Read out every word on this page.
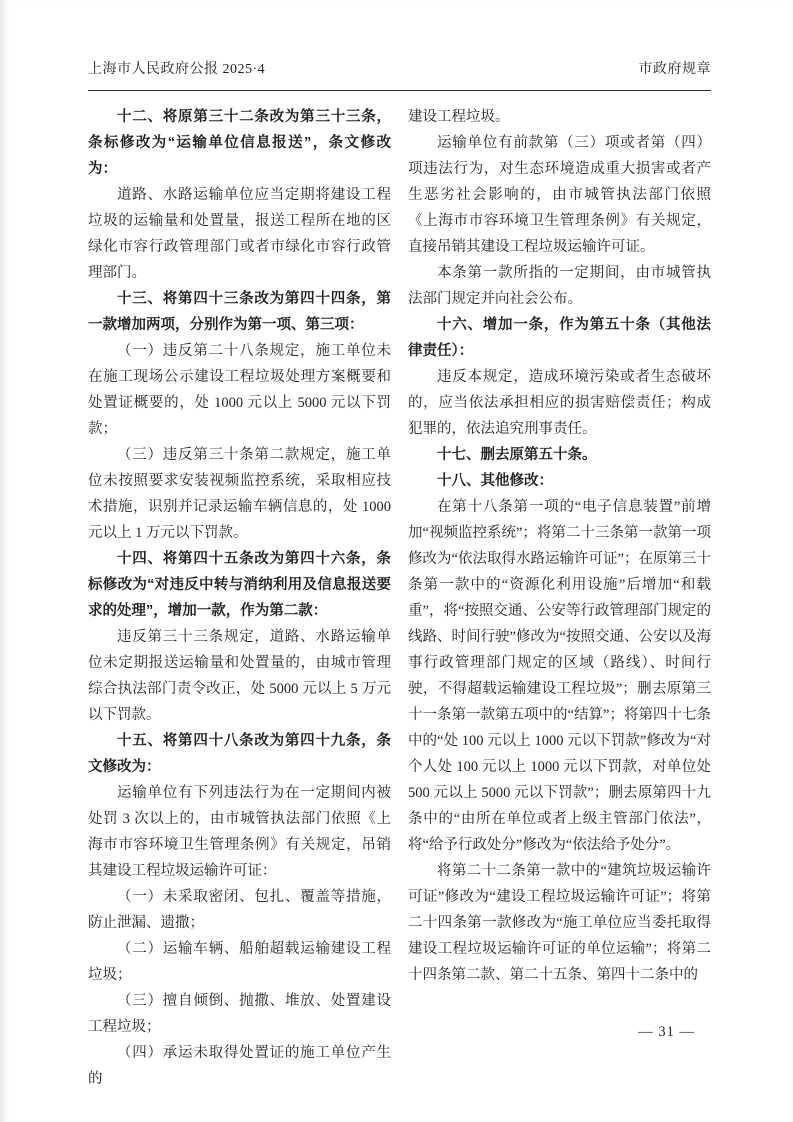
上海市人民政府公报 2025·4	市政府规章

十二、将原第三十二条改为第三十三条，条标修改为“运输单位信息报送”，条文修改为：

道路、水路运输单位应当定期将建设工程垃圾的运输量和处置量，报送工程所在地的区绿化市容行政管理部门或者市绿化市容行政管理部门。

十三、将第四十三条改为第四十四条，第一款增加两项，分别作为第一项、第三项：

（一）违反第二十八条规定，施工单位未在施工现场公示建设工程垃圾处理方案概要和处置证概要的，处 1000 元以上 5000 元以下罚款；

（三）违反第三十条第二款规定，施工单位未按照要求安装视频监控系统，采取相应技术措施，识别并记录运输车辆信息的，处 1000 元以上 1 万元以下罚款。

十四、将第四十五条改为第四十六条，条标修改为“对违反中转与消纳利用及信息报送要求的处理”，增加一款，作为第二款：

违反第三十三条规定，道路、水路运输单位未定期报送运输量和处置量的，由城市管理综合执法部门责令改正，处 5000 元以上 5 万元以下罚款。

十五、将第四十八条改为第四十九条，条文修改为：

运输单位有下列违法行为在一定期间内被处罚 3 次以上的，由市城管执法部门依照《上海市市容环境卫生管理条例》有关规定，吊销其建设工程垃圾运输许可证：

（一）未采取密闭、包扎、覆盖等措施，防止泄漏、遗撒；

（二）运输车辆、船舶超载运输建设工程垃圾；

（三）擅自倾倒、抛撒、堆放、处置建设工程垃圾；

（四）承运未取得处置证的施工单位产生的

建设工程垃圾。

运输单位有前款第（三）项或者第（四）项违法行为，对生态环境造成重大损害或者产生恶劣社会影响的，由市城管执法部门依照《上海市市容环境卫生管理条例》有关规定，直接吊销其建设工程垃圾运输许可证。

本条第一款所指的一定期间，由市城管执法部门规定并向社会公布。

十六、增加一条，作为第五十条（其他法律责任）：

违反本规定，造成环境污染或者生态破坏的，应当依法承担相应的损害赔偿责任；构成犯罪的，依法追究刑事责任。

十七、删去原第五十条。

十八、其他修改：

在第十八条第一项的“电子信息装置”前增加“视频监控系统”；将第二十三条第一款第一项修改为“依法取得水路运输许可证”；在原第三十条第一款中的“资源化利用设施”后增加“和载重”，将“按照交通、公安等行政管理部门规定的线路、时间行驶”修改为“按照交通、公安以及海事行政管理部门规定的区域（路线）、时间行驶，不得超载运输建设工程垃圾”；删去原第三十一条第一款第五项中的“结算”；将第四十七条中的“处 100 元以上 1000 元以下罚款”修改为“对个人处 100 元以上 1000 元以下罚款，对单位处 500 元以上 5000 元以下罚款”；删去原第四十九条中的“由所在单位或者上级主管部门依法”，将“给予行政处分”修改为“依法给予处分”。

将第二十二条第一款中的“建筑垃圾运输许可证”修改为“建设工程垃圾运输许可证”；将第二十四条第一款修改为“施工单位应当委托取得建设工程垃圾运输许可证的单位运输”；将第二十四条第二款、第二十五条、第四十二条中的

— 31 —
